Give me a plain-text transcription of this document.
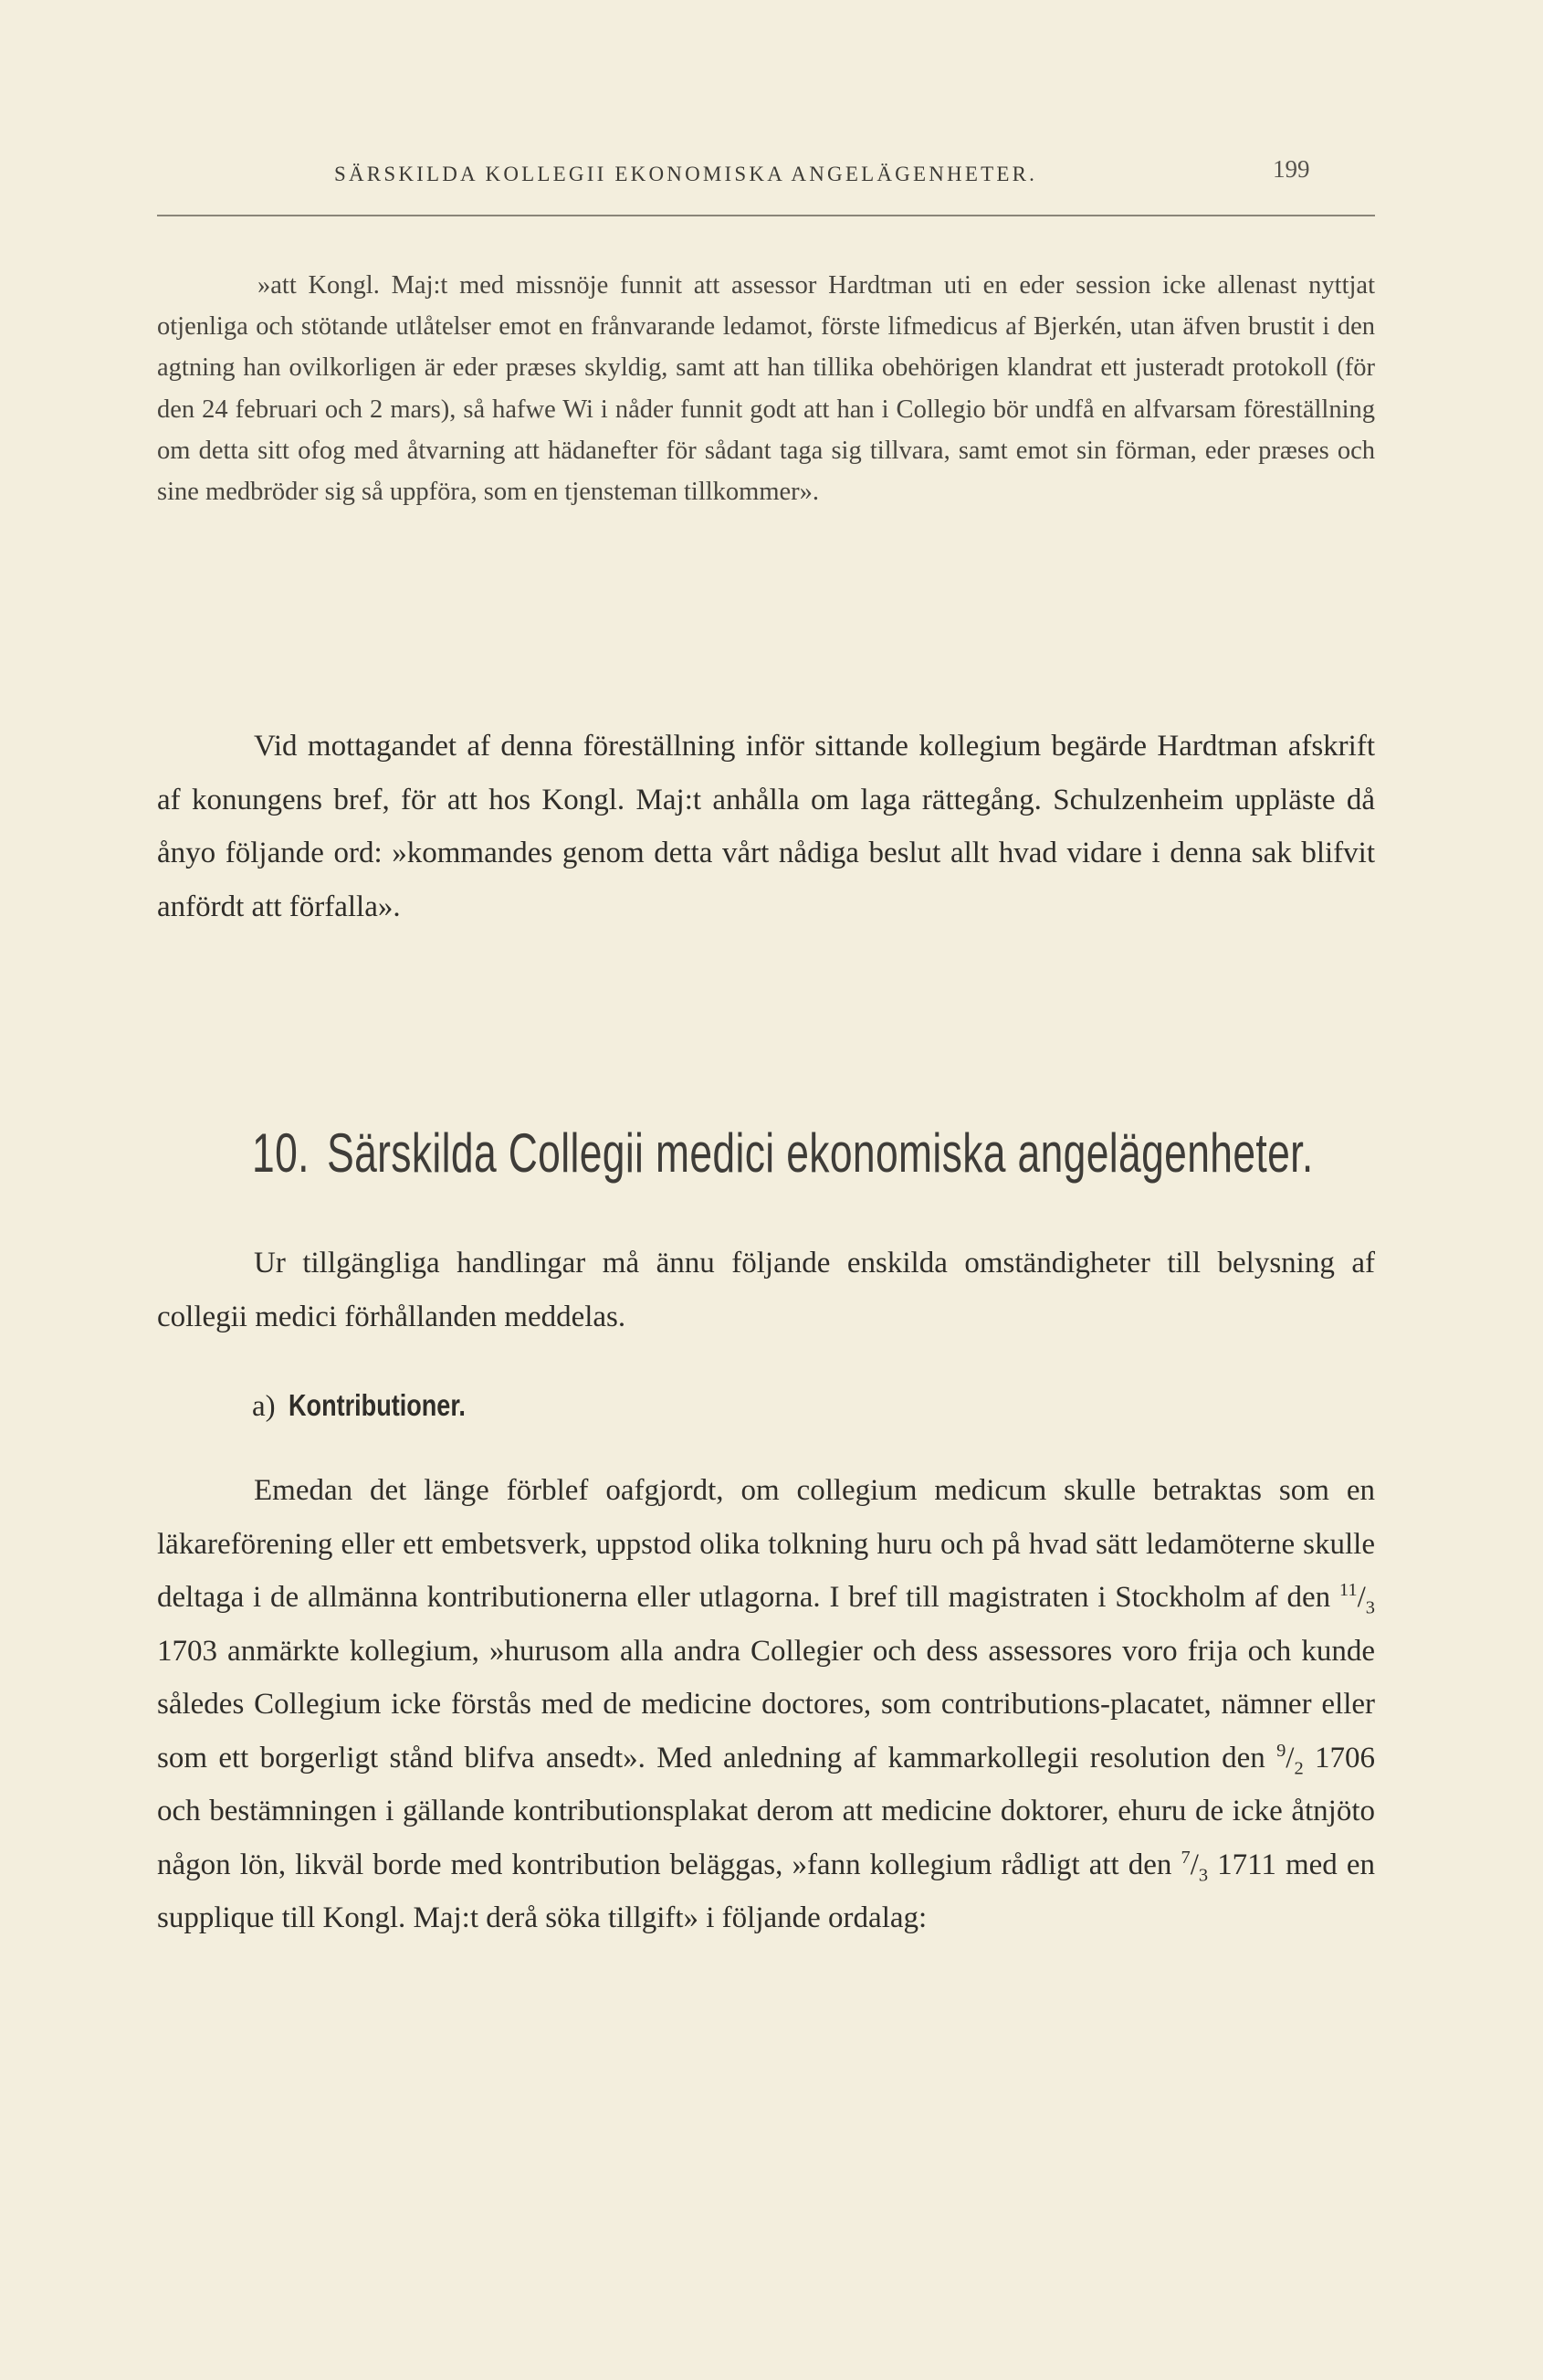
SÄRSKILDA KOLLEGII EKONOMISKA ANGELÄGENHETER.	199

»att Kongl. Maj:t med missnöje funnit att assessor Hardtman uti en eder session icke allenast nyttjat otjenliga och stötande utlåtelser emot en frånvarande ledamot, förste lifmedicus af Bjerkén, utan äfven brustit i den agtning han ovilkorligen är eder præses skyldig, samt att han tillika obehörigen klandrat ett justeradt protokoll (för den 24 februari och 2 mars), så hafwe Wi i nåder funnit godt att han i Collegio bör undfå en alfvarsam föreställning om detta sitt ofog med åtvarning att hädanefter för sådant taga sig tillvara, samt emot sin förman, eder præses och sine medbröder sig så uppföra, som en tjensteman tillkommer».

Vid mottagandet af denna föreställning inför sittande kollegium begärde Hardtman afskrift af konungens bref, för att hos Kongl. Maj:t anhålla om laga rättegång. Schulzenheim uppläste då ånyo följande ord: »kommandes genom detta vårt nådiga beslut allt hvad vidare i denna sak blifvit anfördt att förfalla».

10. Särskilda Collegii medici ekonomiska angelägenheter.

Ur tillgängliga handlingar må ännu följande enskilda omständigheter till belysning af collegii medici förhållanden meddelas.

a) Kontributioner.

Emedan det länge förblef oafgjordt, om collegium medicum skulle betraktas som en läkareförening eller ett embetsverk, uppstod olika tolkning huru och på hvad sätt ledamöterne skulle deltaga i de allmänna kontributionerna eller utlagorna. I bref till magistraten i Stockholm af den $^{11}/_3$ 1703 anmärkte kollegium, »hurusom alla andra Collegier och dess assessores voro frija och kunde således Collegium icke förstås med de medicine doctores, som contributions-placatet, nämner eller som ett borgerligt stånd blifva ansedt». Med anledning af kammarkollegii resolution den $^9/_2$ 1706 och bestämningen i gällande kontributionsplakat derom att medicine doktorer, ehuru de icke åtnjöto någon lön, likväl borde med kontribution beläggas, »fann kollegium rådligt att den $^7/_3$ 1711 med en supplique till Kongl. Maj:t derå söka tillgift» i följande ordalag:
